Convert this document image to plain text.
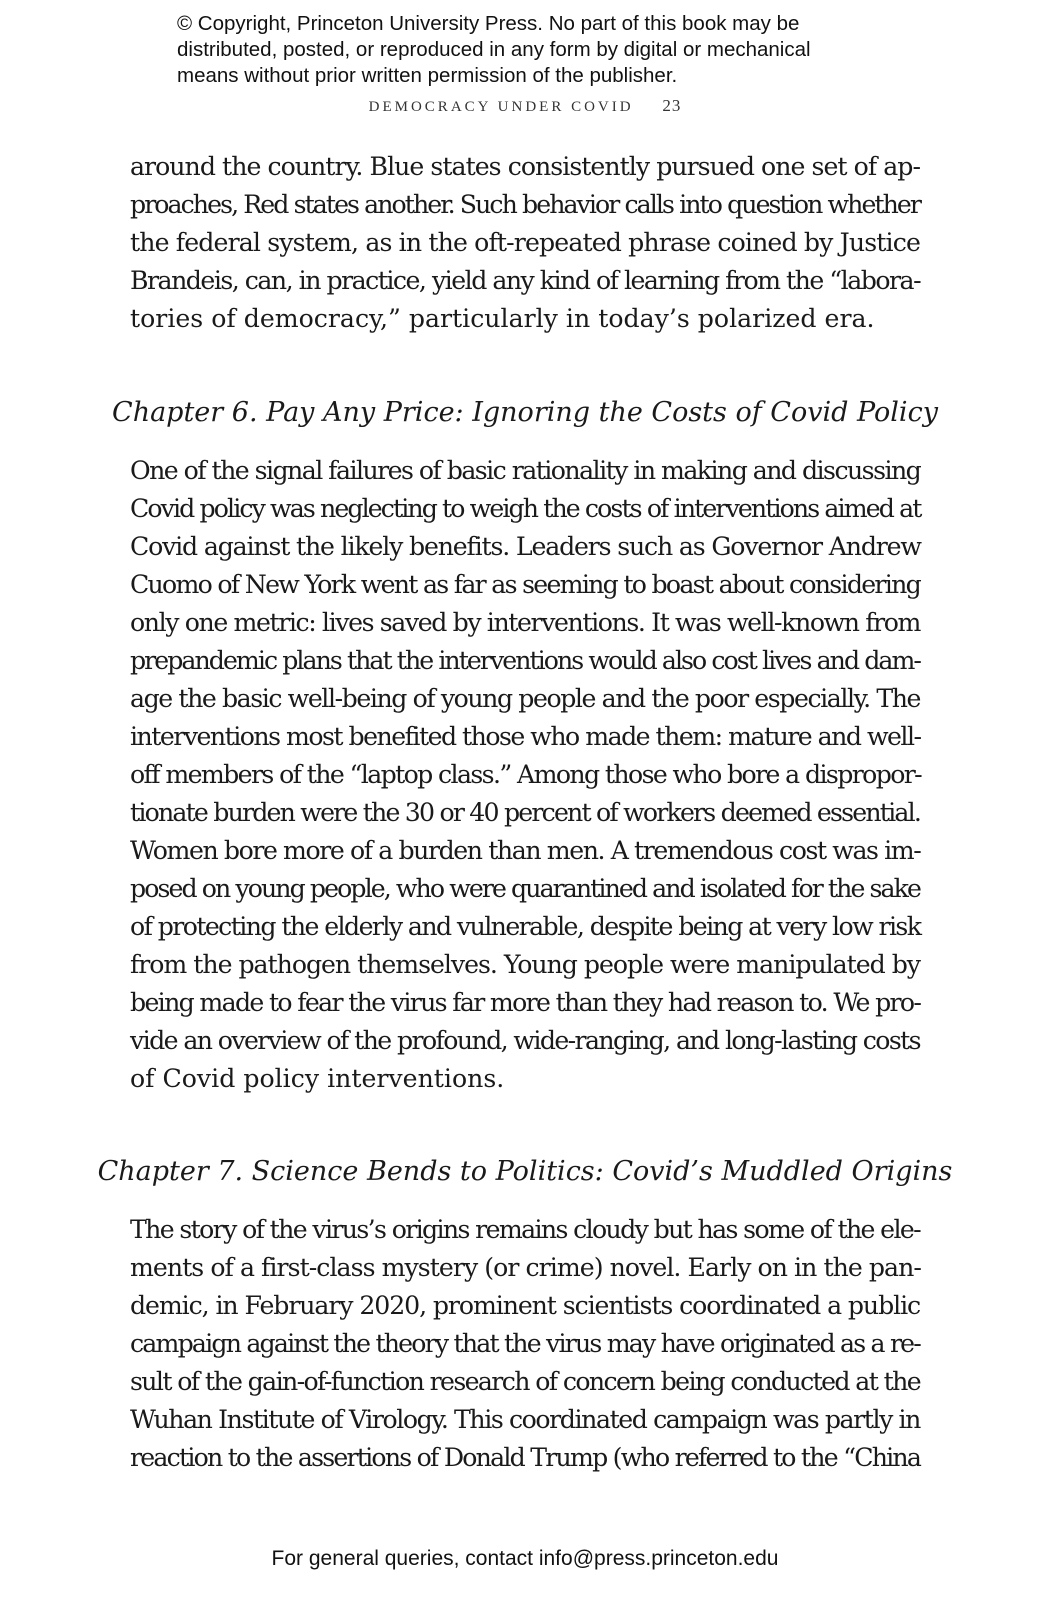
© Copyright, Princeton University Press. No part of this book may be
distributed, posted, or reproduced in any form by digital or mechanical
means without prior written permission of the publisher.
DEMOCRACY UNDER COVID 23
around the country. Blue states consistently pursued one set of ap-
proaches, Red states another. Such behavior calls into question whether
the federal system, as in the oft-repeated phrase coined by Justice
Brandeis, can, in practice, yield any kind of learning from the “labora-
tories of democracy,” particularly in today’s polarized era.
Chapter 6. Pay Any Price: Ignoring the Costs of Covid Policy
One of the signal failures of basic rationality in making and discussing
Covid policy was neglecting to weigh the costs of interventions aimed at
Covid against the likely benefits. Leaders such as Governor Andrew
Cuomo of New York went as far as seeming to boast about considering
only one metric: lives saved by interventions. It was well-known from
prepandemic plans that the interventions would also cost lives and dam-
age the basic well-being of young people and the poor especially. The
interventions most benefited those who made them: mature and well-
off members of the “laptop class.” Among those who bore a dispropor-
tionate burden were the 30 or 40 percent of workers deemed essential.
Women bore more of a burden than men. A tremendous cost was im-
posed on young people, who were quarantined and isolated for the sake
of protecting the elderly and vulnerable, despite being at very low risk
from the pathogen themselves. Young people were manipulated by
being made to fear the virus far more than they had reason to. We pro-
vide an overview of the profound, wide-ranging, and long-lasting costs
of Covid policy interventions.
Chapter 7. Science Bends to Politics: Covid’s Muddled Origins
The story of the virus’s origins remains cloudy but has some of the ele-
ments of a first-class mystery (or crime) novel. Early on in the pan-
demic, in February 2020, prominent scientists coordinated a public
campaign against the theory that the virus may have originated as a re-
sult of the gain-of-function research of concern being conducted at the
Wuhan Institute of Virology. This coordinated campaign was partly in
reaction to the assertions of Donald Trump (who referred to the “China
For general queries, contact info@press.princeton.edu
